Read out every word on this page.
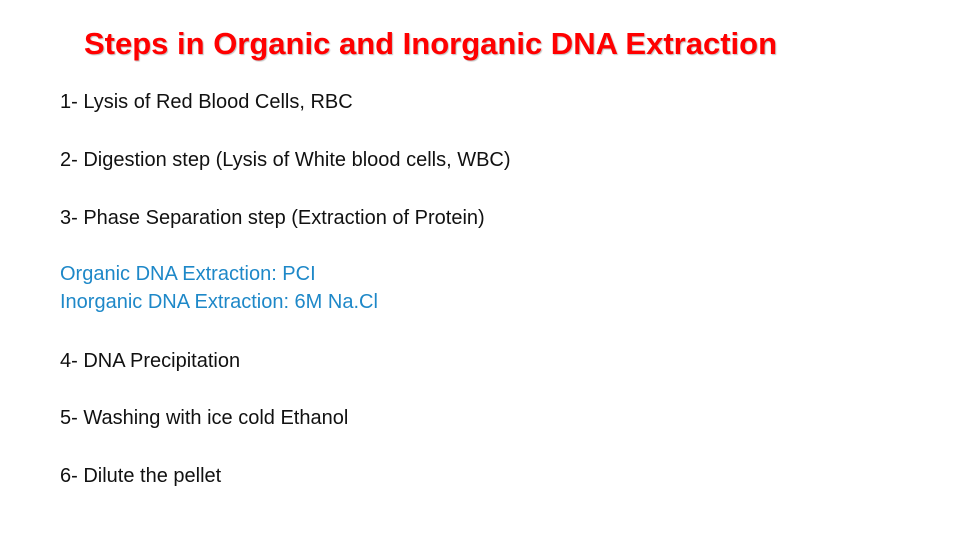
Steps in Organic and Inorganic DNA Extraction
1- Lysis of Red Blood Cells, RBC
2- Digestion step (Lysis of White blood cells, WBC)
3- Phase Separation step (Extraction of Protein)
Organic DNA Extraction: PCI
Inorganic DNA Extraction: 6M Na.Cl
4- DNA Precipitation
5- Washing with ice cold Ethanol
6- Dilute the pellet
